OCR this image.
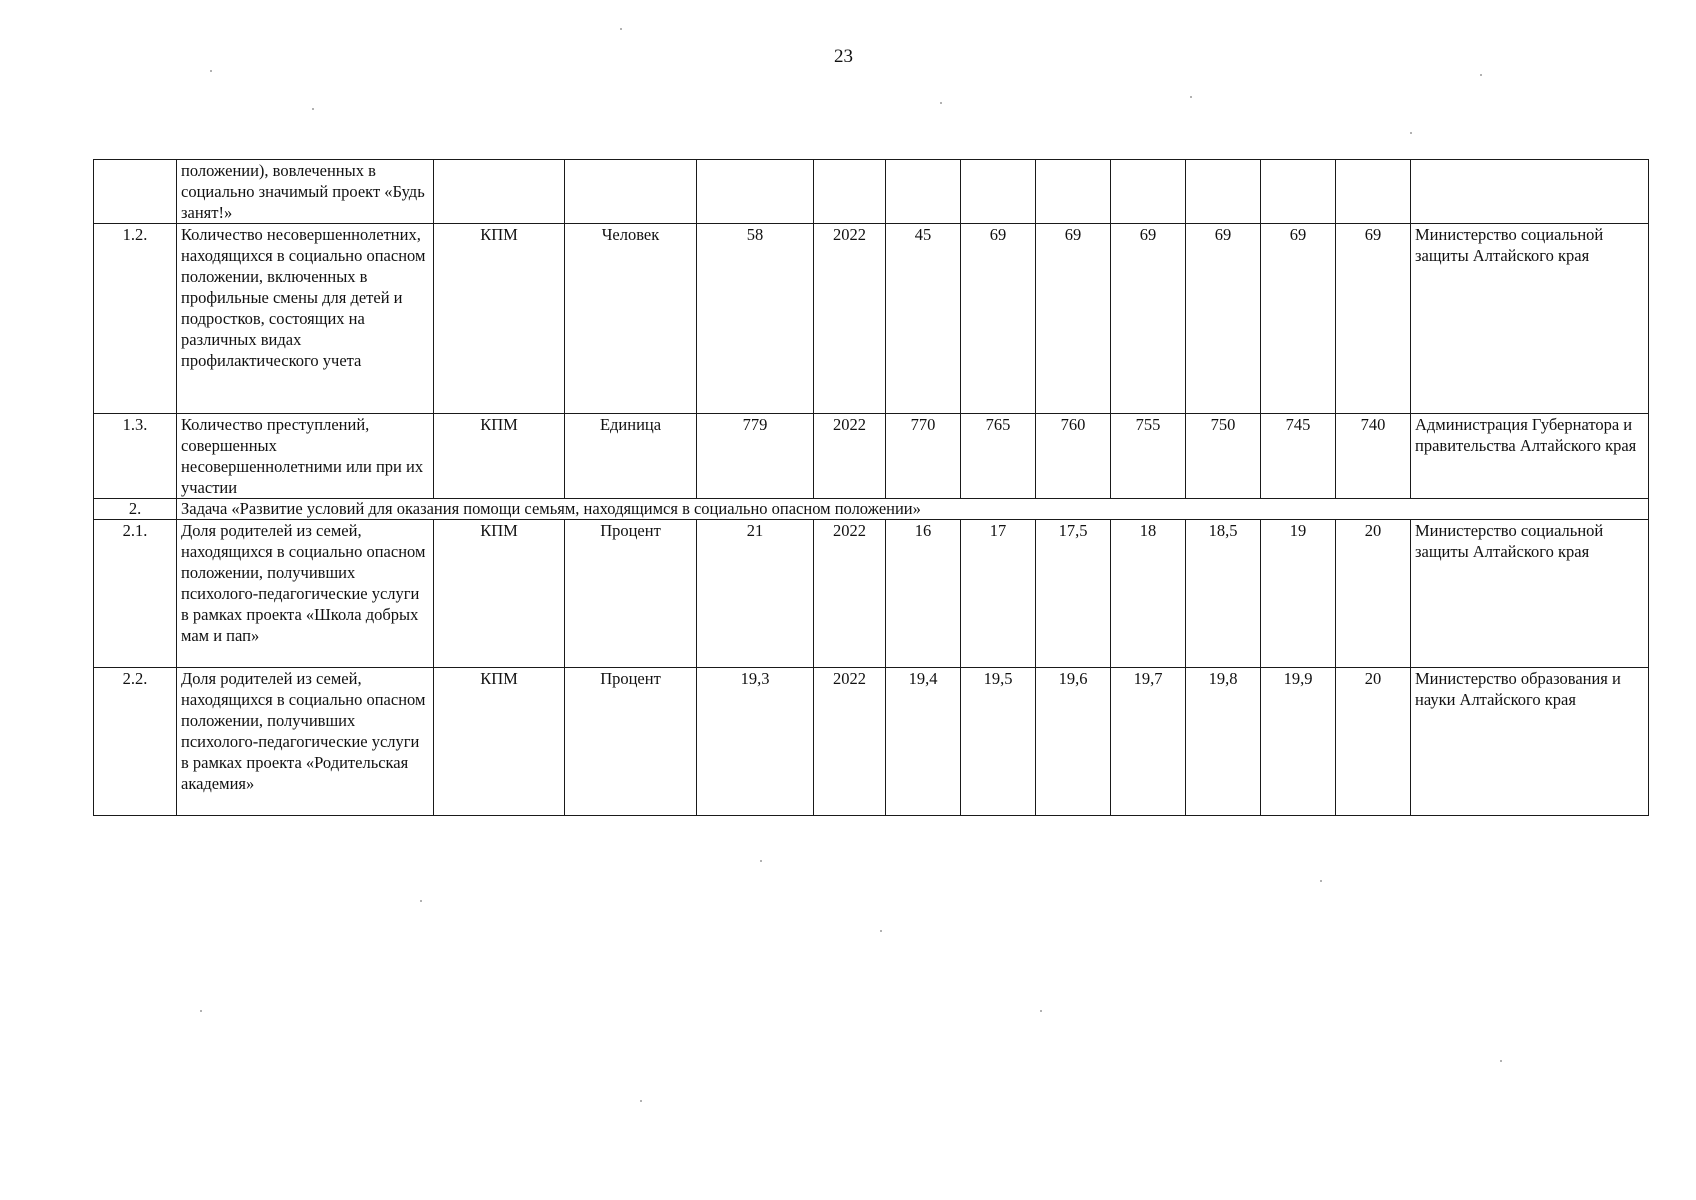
23
	положении), вовлеченных в социально значимый проект «Будь занят!»												
1.2.	Количество несовершеннолетних, находящихся в социально опасном положении, включенных в профильные смены для детей и подростков, состоящих на различных видах профилактического учета	КПМ	Человек	58	2022	45	69	69	69	69	69	69	Министерство социальной защиты Алтайского края
1.3.	Количество преступлений, совершенных несовершеннолетними или при их участии	КПМ	Единица	779	2022	770	765	760	755	750	745	740	Администрация Губернатора и правительства Алтайского края
2.	Задача «Развитие условий для оказания помощи семьям, находящимся в социально опасном положении»												
2.1.	Доля родителей из семей, находящихся в социально опасном положении, получивших психолого-педагогические услуги в рамках проекта «Школа добрых мам и пап»	КПМ	Процент	21	2022	16	17	17,5	18	18,5	19	20	Министерство социальной защиты Алтайского края
2.2.	Доля родителей из семей, находящихся в социально опасном положении, получивших психолого-педагогические услуги в рамках проекта «Родительская академия»	КПМ	Процент	19,3	2022	19,4	19,5	19,6	19,7	19,8	19,9	20	Министерство образования и науки Алтайского края
